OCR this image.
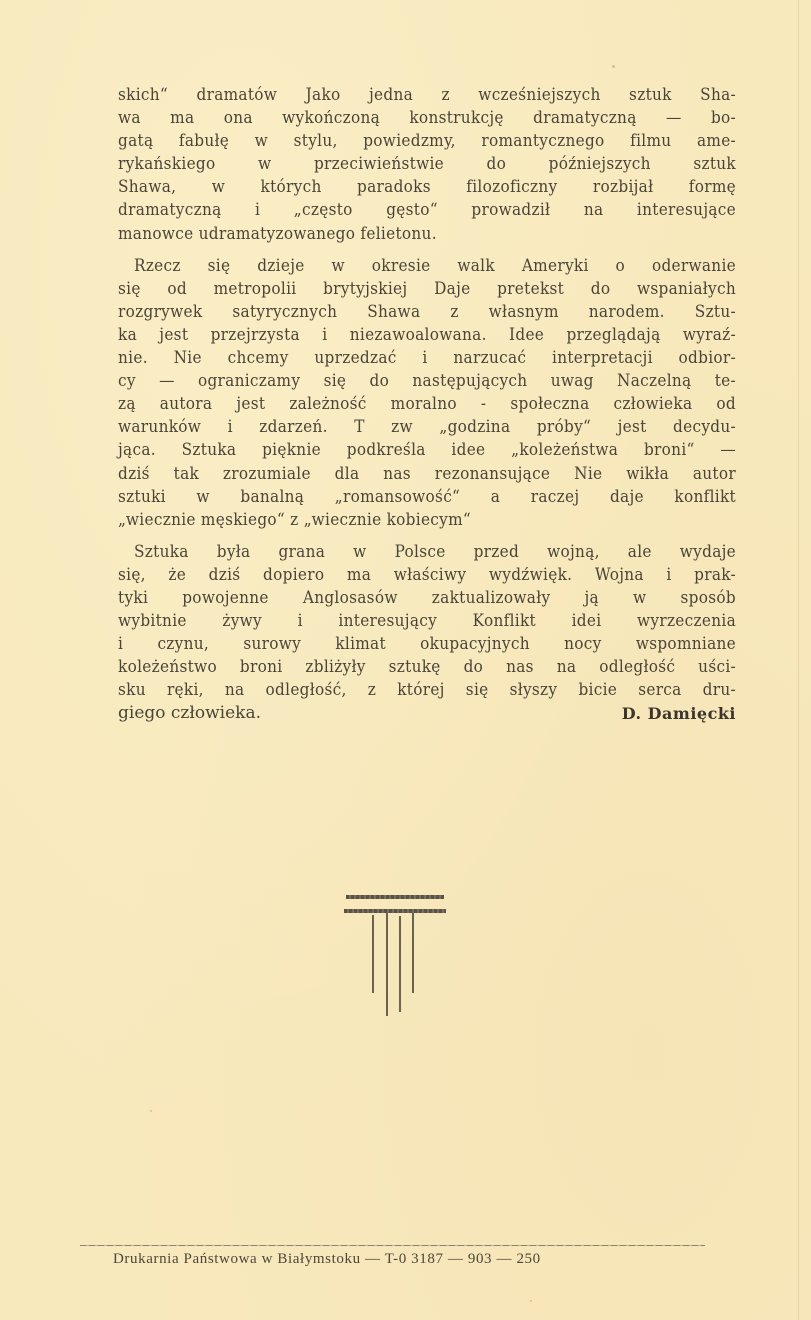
skich“ dramatów Jako jedna z wcześniejszych sztuk Sha-
wa ma ona wykończoną konstrukcję dramatyczną — bo-
gatą fabułę w stylu, powiedzmy, romantycznego filmu ame-
rykańskiego w przeciwieństwie do późniejszych sztuk
Shawa, w których paradoks filozoficzny rozbijał formę
dramatyczną i „często gęsto“ prowadził na interesujące
manowce udramatyzowanego felietonu.
Rzecz się dzieje w okresie walk Ameryki o oderwanie
się od metropolii brytyjskiej Daje pretekst do wspaniałych
rozgrywek satyrycznych Shawa z własnym narodem. Sztu-
ka jest przejrzysta i niezawoalowana. Idee przeglądają wyraź-
nie. Nie chcemy uprzedzać i narzucać interpretacji odbior-
cy — ograniczamy się do następujących uwag Naczelną te-
zą autora jest zależność moralno - społeczna człowieka od
warunków i zdarzeń. T zw „godzina próby“ jest decydu-
jąca. Sztuka pięknie podkreśla idee „koleżeństwa broni“ —
dziś tak zrozumiale dla nas rezonansujące Nie wikła autor
sztuki w banalną „romansowość“ a raczej daje konflikt
„wiecznie męskiego“ z „wiecznie kobiecym“
Sztuka była grana w Polsce przed wojną, ale wydaje
się, że dziś dopiero ma właściwy wydźwięk. Wojna i prak-
tyki powojenne Anglosasów zaktualizowały ją w sposób
wybitnie żywy i interesujący Konflikt idei wyrzeczenia
i czynu, surowy klimat okupacyjnych nocy wspomniane
koleżeństwo broni zbliżyły sztukę do nas na odległość uści-
sku ręki, na odległość, z której się słyszy bicie serca dru-
giego człowieka.	D. Damięcki
Drukarnia Państwowa w Białymstoku — T-0 3187 — 903 — 250
